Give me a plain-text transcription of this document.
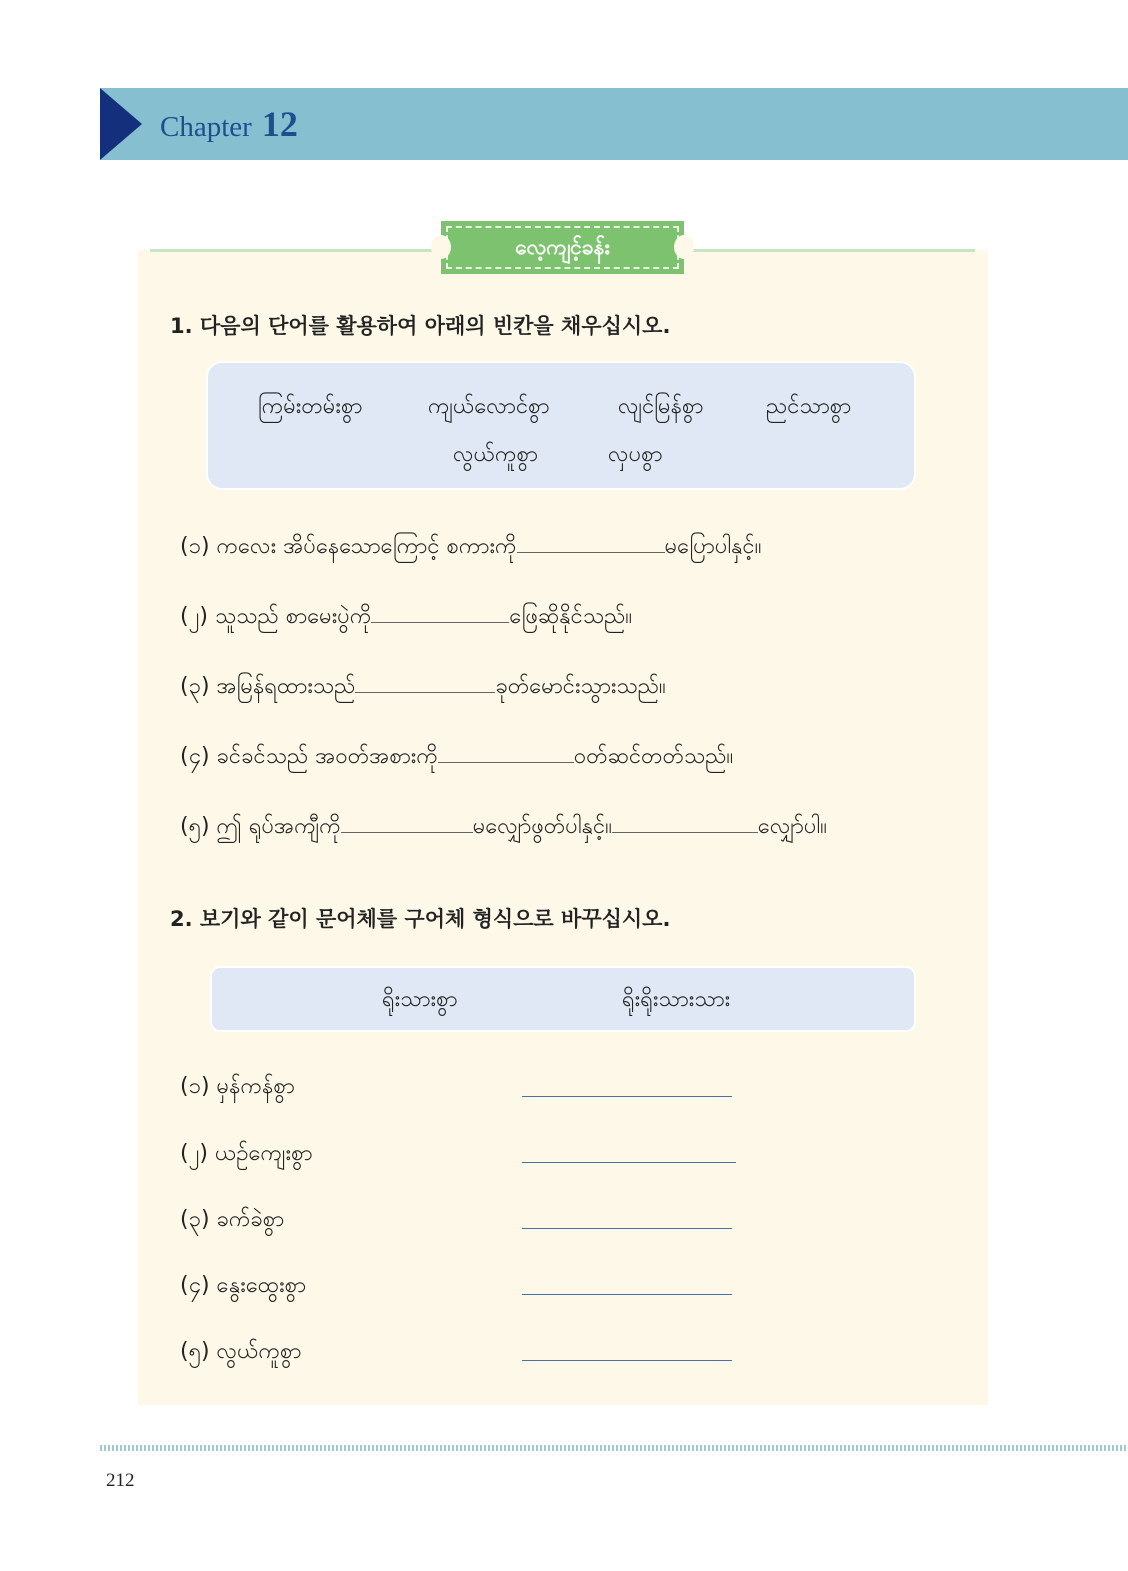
Chapter 12
လေ့ကျင့်ခန်း
1. 다음의 단어를 활용하여 아래의 빈칸을 채우십시오.
ကြမ်းတမ်းစွာ	ကျယ်လောင်စွာ	လျင်မြန်စွာ	ညင်သာစွာ
လွယ်ကူစွာ	လှပစွာ
(၁) ကလေး အိပ်နေသောကြောင့် စကားကို	မပြောပါနှင့်။
(၂) သူသည် စာမေးပွဲကို	ဖြေဆိုနိုင်သည်။
(၃) အမြန်ရထားသည်	ခုတ်မောင်းသွားသည်။
(၄) ခင်ခင်သည် အဝတ်အစားကို	ဝတ်ဆင်တတ်သည်။
(၅) ဤ ရုပ်အကျီကို	မလျှော်ဖွတ်ပါနှင့်။	လျှော်ပါ။
2. 보기와 같이 문어체를 구어체 형식으로 바꾸십시오.
ရိုးသားစွာ	ရိုးရိုးသားသား
(၁) မှန်ကန်စွာ
(၂) ယဉ်ကျေးစွာ
(၃) ခက်ခဲစွာ
(၄) နွေးထွေးစွာ
(၅) လွယ်ကူစွာ
212
